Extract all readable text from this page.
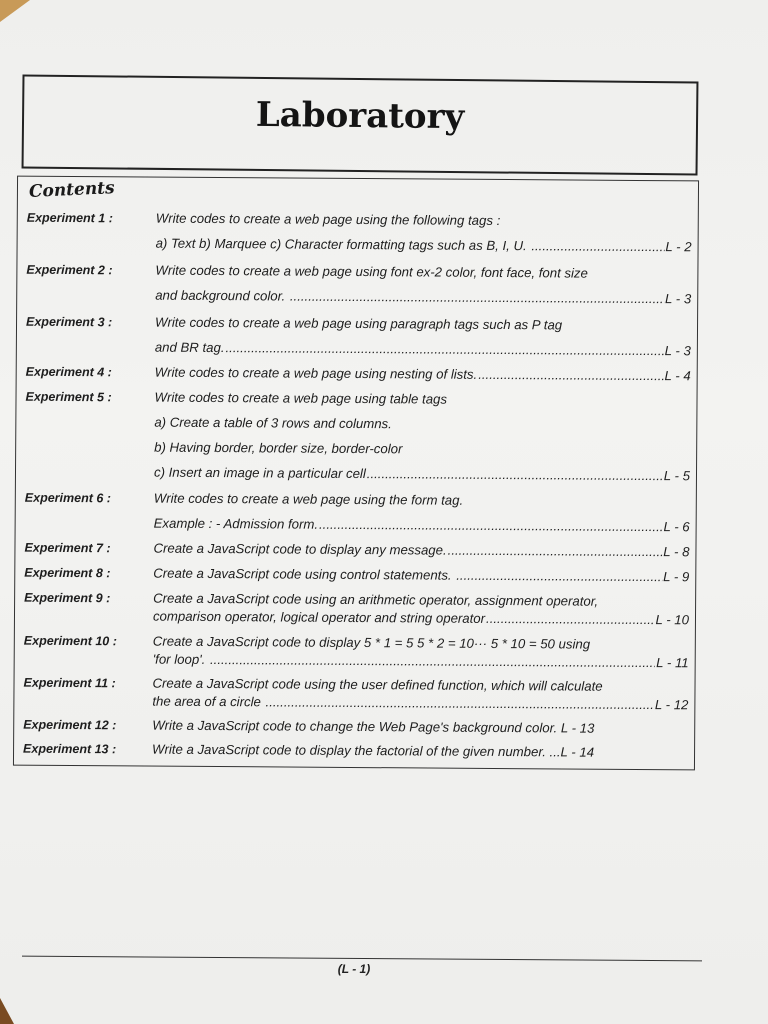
Laboratory
Contents
Experiment 1 :	Write codes to create a web page using the following tags :
a) Text b) Marquee c) Character formatting tags such as B, I, U. .....	L - 2
Experiment 2 :	Write codes to create a web page using font ex-2 color, font face, font size
and background color. .....	L - 3
Experiment 3 :	Write codes to create a web page using paragraph tags such as P tag
and BR tag. .....	L - 3
Experiment 4 :	Write codes to create a web page using nesting of lists. .....	L - 4
Experiment 5 :	Write codes to create a web page using table tags
a) Create a table of 3 rows and columns.
b) Having border, border size, border-color
c) Insert an image in a particular cell .....	L - 5
Experiment 6 :	Write codes to create a web page using the form tag.
Example : - Admission form. .....	L - 6
Experiment 7 :	Create a JavaScript code to display any message. .....	L - 8
Experiment 8 :	Create a JavaScript code using control statements. .....	L - 9
Experiment 9 :	Create a JavaScript code using an arithmetic operator, assignment operator,
comparison operator, logical operator and string operator .....	L - 10
Experiment 10 :	Create a JavaScript code to display 5 * 1 = 5 5 * 2 = 10··· 5 * 10 = 50 using
'for loop'. .....	L - 11
Experiment 11 :	Create a JavaScript code using the user defined function, which will calculate
the area of a circle .....	L - 12
Experiment 12 :	Write a JavaScript code to change the Web Page's background color. L - 13
Experiment 13 :	Write a JavaScript code to display the factorial of the given number. ...L - 14
(L - 1)
